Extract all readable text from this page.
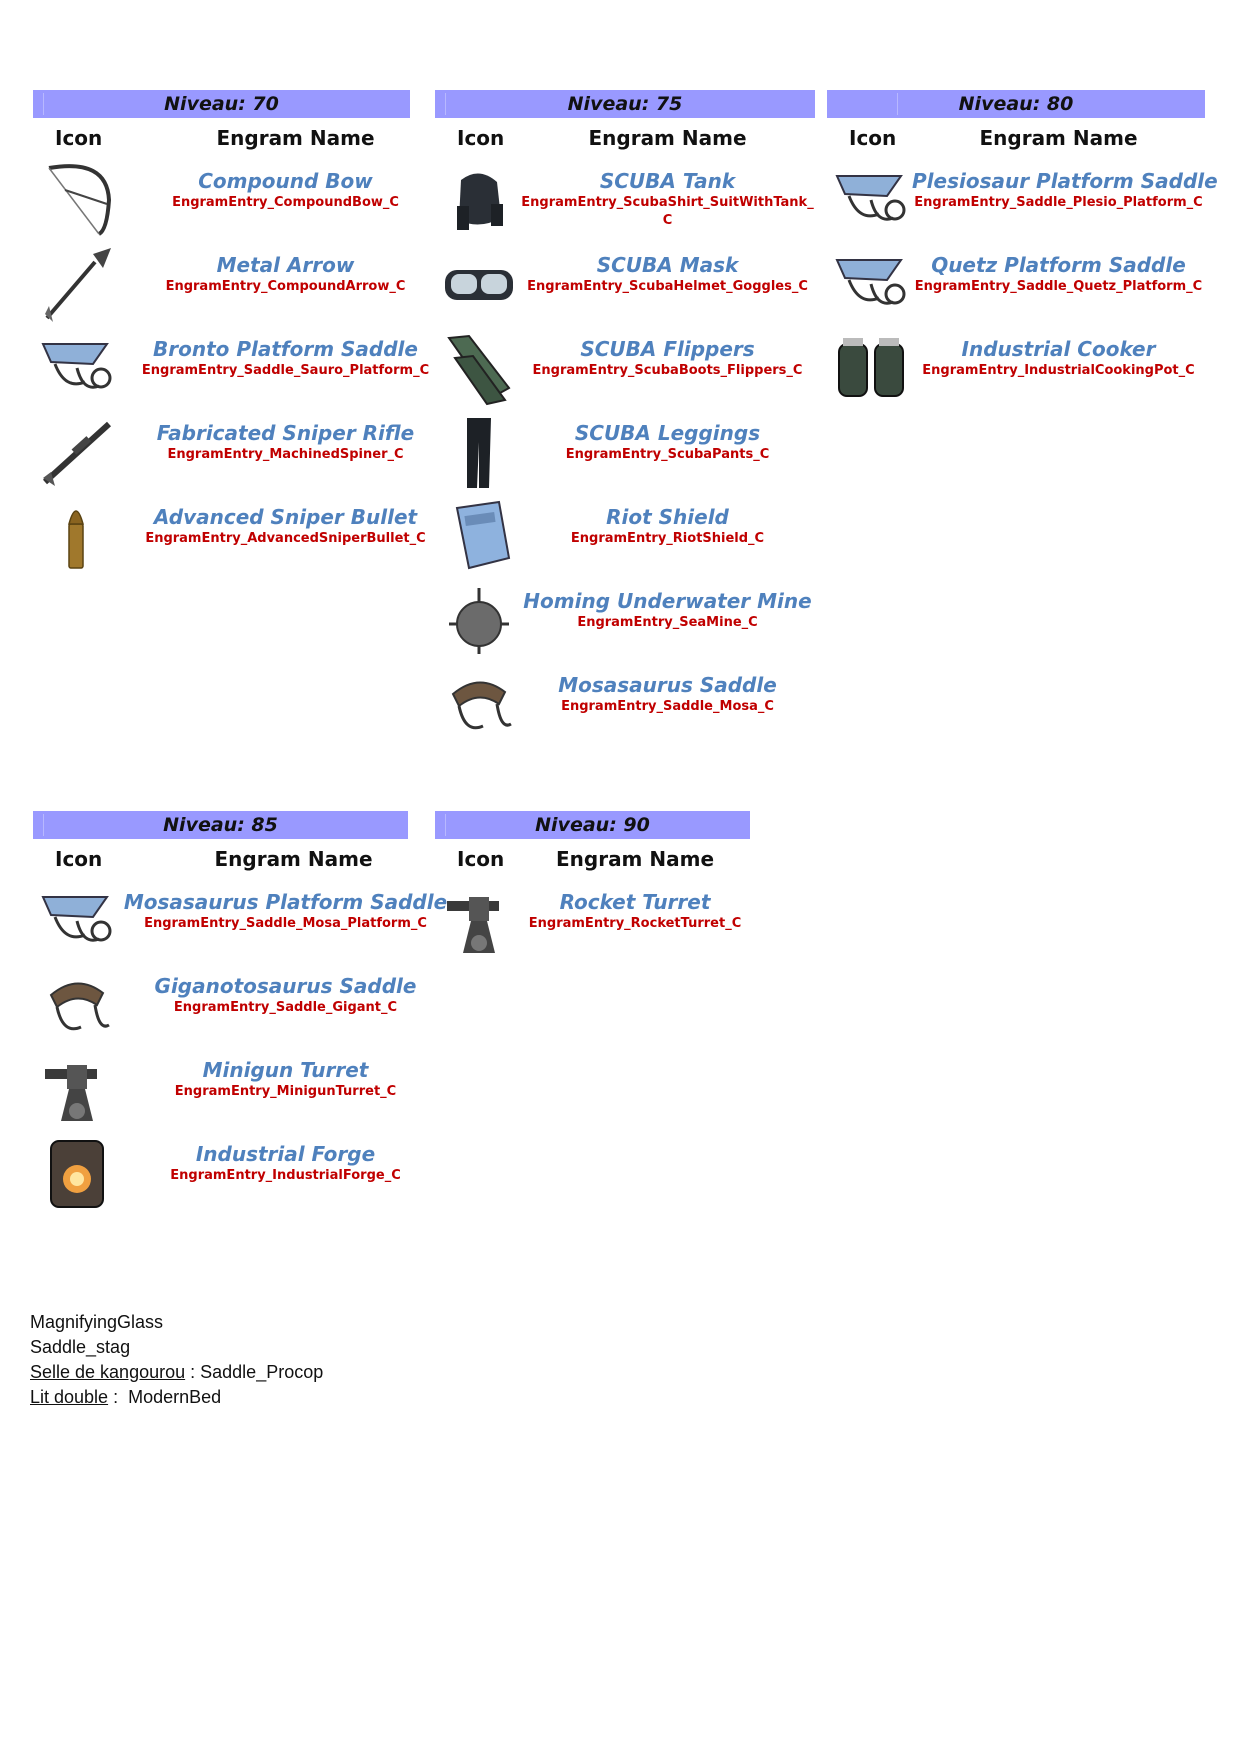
Niveau: 70
Icon	Engram Name
Compound Bow
EngramEntry_CompoundBow_C
Metal Arrow
EngramEntry_CompoundArrow_C
Bronto Platform Saddle
EngramEntry_Saddle_Sauro_Platform_C
Fabricated Sniper Rifle
EngramEntry_MachinedSpiner_C
Advanced Sniper Bullet
EngramEntry_AdvancedSniperBullet_C
Niveau: 75
Icon	Engram Name
SCUBA Tank
EngramEntry_ScubaShirt_SuitWithTank_C
SCUBA Mask
EngramEntry_ScubaHelmet_Goggles_C
SCUBA Flippers
EngramEntry_ScubaBoots_Flippers_C
SCUBA Leggings
EngramEntry_ScubaPants_C
Riot Shield
EngramEntry_RiotShield_C
Homing Underwater Mine
EngramEntry_SeaMine_C
Mosasaurus Saddle
EngramEntry_Saddle_Mosa_C
Niveau: 80
Icon	Engram Name
Plesiosaur Platform Saddle
EngramEntry_Saddle_Plesio_Platform_C
Quetz Platform Saddle
EngramEntry_Saddle_Quetz_Platform_C
Industrial Cooker
EngramEntry_IndustrialCookingPot_C
Niveau: 85
Icon	Engram Name
Mosasaurus Platform Saddle
EngramEntry_Saddle_Mosa_Platform_C
Giganotosaurus Saddle
EngramEntry_Saddle_Gigant_C
Minigun Turret
EngramEntry_MinigunTurret_C
Industrial Forge
EngramEntry_IndustrialForge_C
Niveau: 90
Icon	Engram Name
Rocket Turret
EngramEntry_RocketTurret_C
MagnifyingGlass
Saddle_stag
Selle de kangourou : Saddle_Procop
Lit double :  ModernBed
